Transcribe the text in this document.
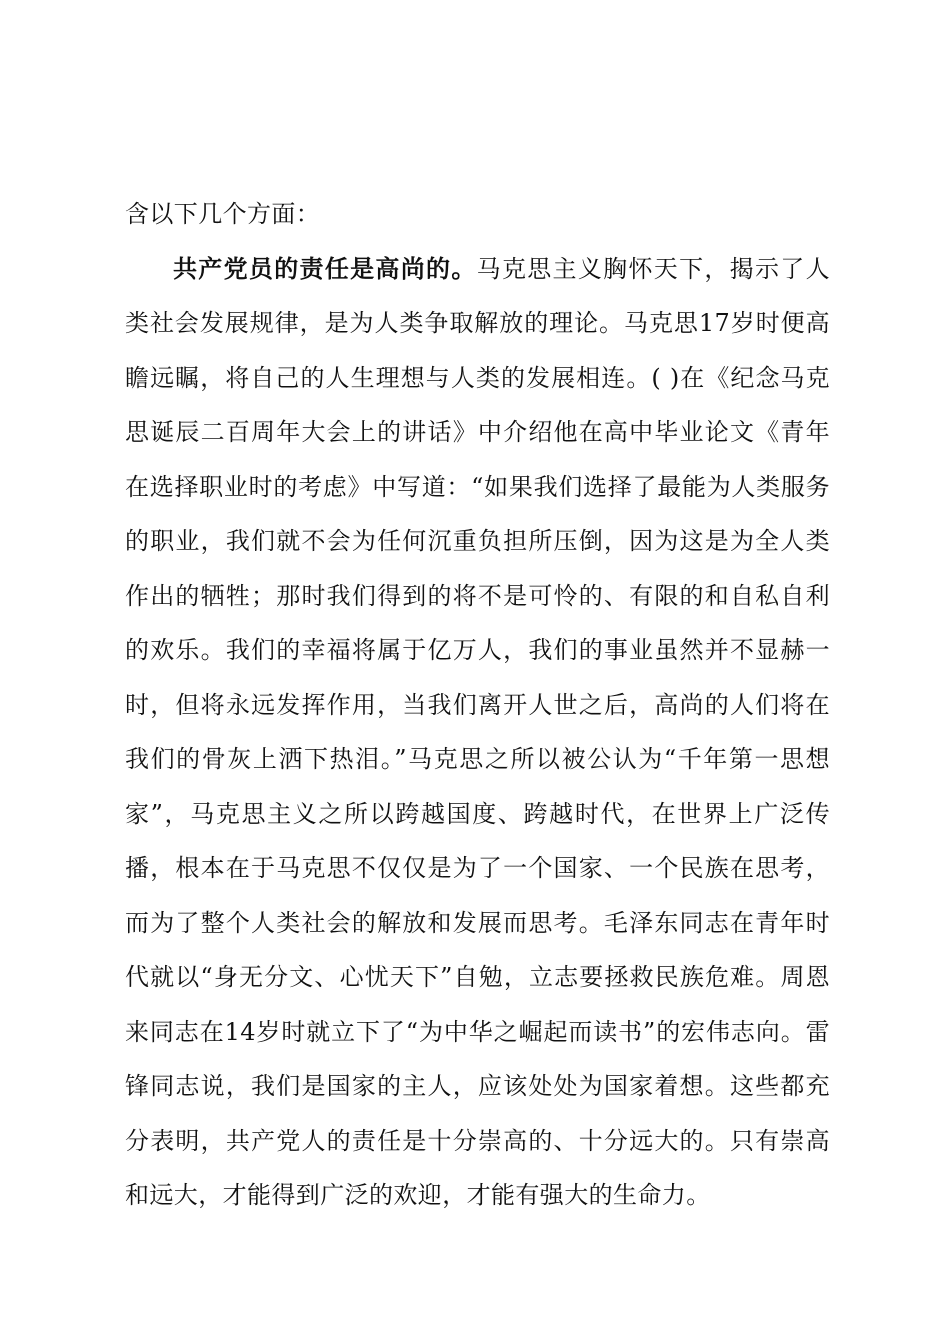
含以下几个方面：

共产党员的责任是高尚的。马克思主义胸怀天下，揭示了人类社会发展规律，是为人类争取解放的理论。马克思17岁时便高瞻远瞩，将自己的人生理想与人类的发展相连。( )在《纪念马克思诞辰二百周年大会上的讲话》中介绍他在高中毕业论文《青年在选择职业时的考虑》中写道：“如果我们选择了最能为人类服务的职业，我们就不会为任何沉重负担所压倒，因为这是为全人类作出的牺牲；那时我们得到的将不是可怜的、有限的和自私自利的欢乐。我们的幸福将属于亿万人，我们的事业虽然并不显赫一时，但将永远发挥作用，当我们离开人世之后，高尚的人们将在我们的骨灰上洒下热泪。”马克思之所以被公认为“千年第一思想家”，马克思主义之所以跨越国度、跨越时代，在世界上广泛传播，根本在于马克思不仅仅是为了一个国家、一个民族在思考，而为了整个人类社会的解放和发展而思考。毛泽东同志在青年时代就以“身无分文、心忧天下”自勉，立志要拯救民族危难。周恩来同志在14岁时就立下了“为中华之崛起而读书”的宏伟志向。雷锋同志说，我们是国家的主人，应该处处为国家着想。这些都充分表明，共产党人的责任是十分崇高的、十分远大的。只有崇高和远大，才能得到广泛的欢迎，才能有强大的生命力。
